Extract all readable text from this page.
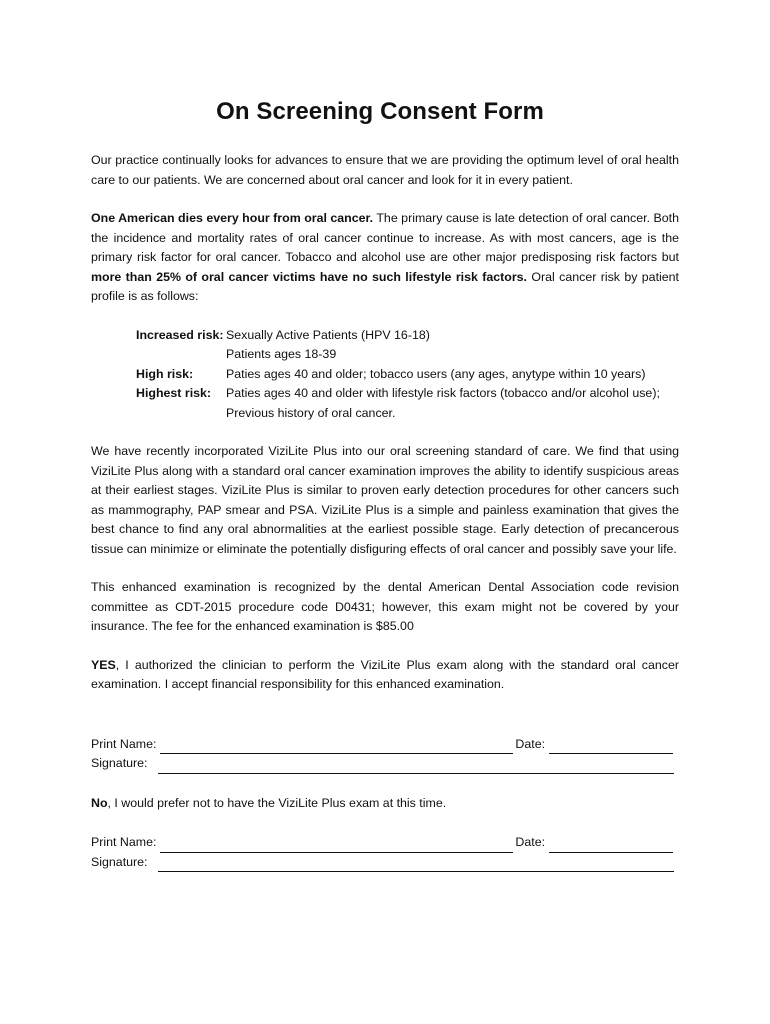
On Screening Consent Form

Our practice continually looks for advances to ensure that we are providing the optimum level of oral health care to our patients. We are concerned about oral cancer and look for it in every patient.

One American dies every hour from oral cancer. The primary cause is late detection of oral cancer. Both the incidence and mortality rates of oral cancer continue to increase. As with most cancers, age is the primary risk factor for oral cancer. Tobacco and alcohol use are other major predisposing risk factors but more than 25% of oral cancer victims have no such lifestyle risk factors. Oral cancer risk by patient profile is as follows:

Increased risk:	Sexually Active Patients (HPV 16-18)
	Patients ages 18-39
High risk:	Paties ages 40 and older; tobacco users (any ages, anytype within 10 years)
Highest risk:	Paties ages 40 and older with lifestyle risk factors (tobacco and/or alcohol use);
	Previous history of oral cancer.

We have recently incorporated ViziLite Plus into our oral screening standard of care. We find that using ViziLite Plus along with a standard oral cancer examination improves the ability to identify suspicious areas at their earliest stages. ViziLite Plus is similar to proven early detection procedures for other cancers such as mammography, PAP smear and PSA. ViziLite Plus is a simple and painless examination that gives the best chance to find any oral abnormalities at the earliest possible stage. Early detection of precancerous tissue can minimize or eliminate the potentially disfiguring effects of oral cancer and possibly save your life.

This enhanced examination is recognized by the dental American Dental Association code revision committee as CDT-2015 procedure code D0431; however, this exam might not be covered by your insurance. The fee for the enhanced examination is $85.00

YES, I authorized the clinician to perform the ViziLite Plus exam along with the standard oral cancer examination. I accept financial responsibility for this enhanced examination.

Print Name:	Date:
Signature:

No, I would prefer not to have the ViziLite Plus exam at this time.

Print Name:	Date:
Signature:
